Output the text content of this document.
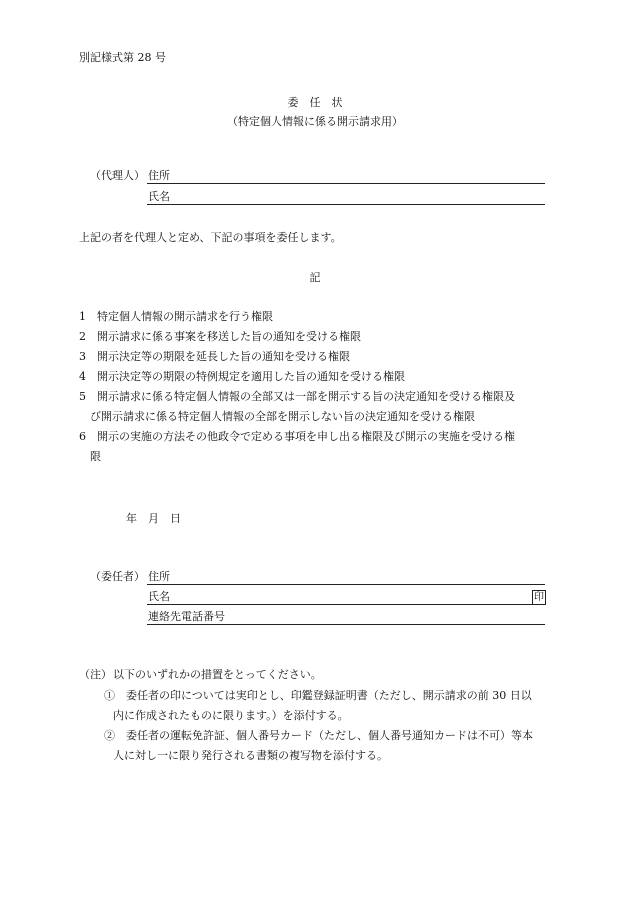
別記様式第 28 号
委　任　状
（特定個人情報に係る開示請求用）
（代理人） 住所
氏名
上記の者を代理人と定め、下記の事項を委任します。
記
1　特定個人情報の開示請求を行う権限
2　開示請求に係る事案を移送した旨の通知を受ける権限
3　開示決定等の期限を延長した旨の通知を受ける権限
4　開示決定等の期限の特例規定を適用した旨の通知を受ける権限
5　開示請求に係る特定個人情報の全部又は一部を開示する旨の決定通知を受ける権限及
び開示請求に係る特定個人情報の全部を開示しない旨の決定通知を受ける権限
6　開示の実施の方法その他政令で定める事項を申し出る権限及び開示の実施を受ける権
限
年　月　日
（委任者） 住所
氏名	印
連絡先電話番号
（注） 以下のいずれかの措置をとってください。
①　委任者の印については実印とし、印鑑登録証明書（ただし、開示請求の前 30 日以
内に作成されたものに限ります。）を添付する。
②　委任者の運転免許証、個人番号カード（ただし、個人番号通知カードは不可）等本
人に対し一に限り発行される書類の複写物を添付する。
